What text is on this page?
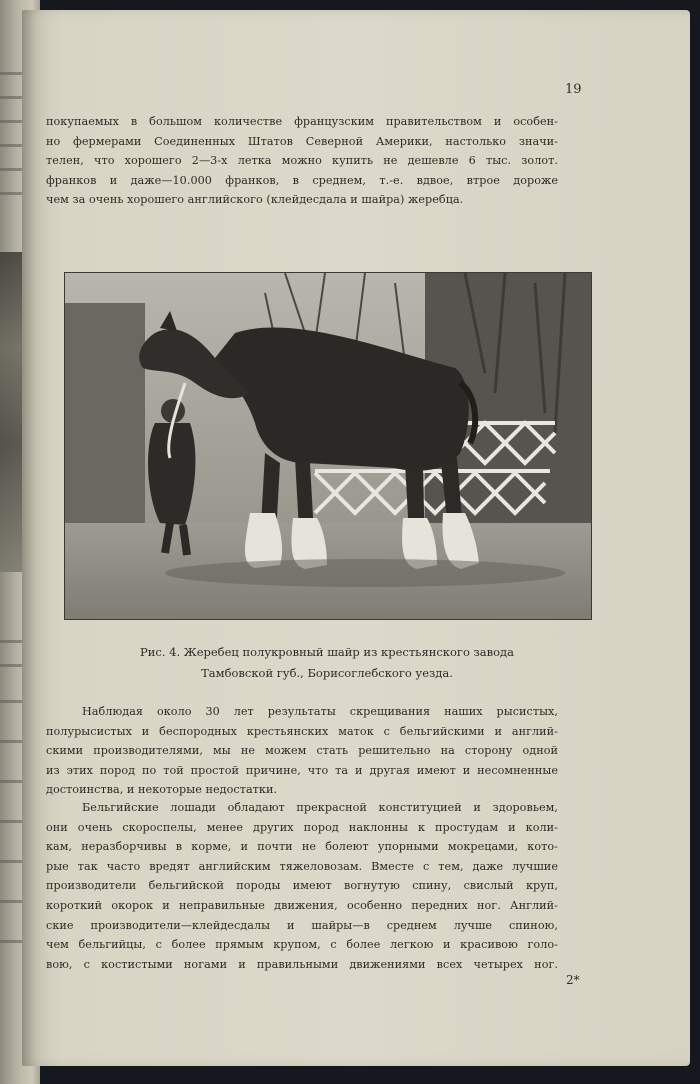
19
покупаемых в большом количестве французским правительством и особен-
но фермерами Соединенных Штатов Северной Америки, настолько значи-
телен, что хорошего 2—3-х летка можно купить не дешевле 6 тыс. золот.
франков и даже—10.000 франков, в среднем, т.-е. вдвое, втрое дороже
чем за очень хорошего английского (клейдесдала и шайра) жеребца.
Рис. 4. Жеребец полукровный шайр из крестьянского завода
Тамбовской губ., Борисоглебского уезда.
Наблюдая около 30 лет результаты скрещивания наших рысистых,
полурысистых и беспородных крестьянских маток с бельгийскими и англий-
скими производителями, мы не можем стать решительно на сторону одной
из этих пород по той простой причине, что та и другая имеют и несомненные
достоинства, и некоторые недостатки.
Бельгийские лошади обладают прекрасной конституцией и здоровьем,
они очень скороспелы, менее других пород наклонны к простудам и коли-
кам, неразборчивы в корме, и почти не болеют упорными мокрецами, кото-
рые так часто вредят английским тяжеловозам. Вместе с тем, даже лучшие
производители бельгийской породы имеют вогнутую спину, свислый круп,
короткий окорок и неправильные движения, особенно передних ног. Англий-
ские производители—клейдесдалы и шайры—в среднем лучше спиною,
чем бельгийцы, с более прямым крупом, с более легкою и красивою голо-
вою, с костистыми ногами и правильными движениями всех четырех ног.
2*
